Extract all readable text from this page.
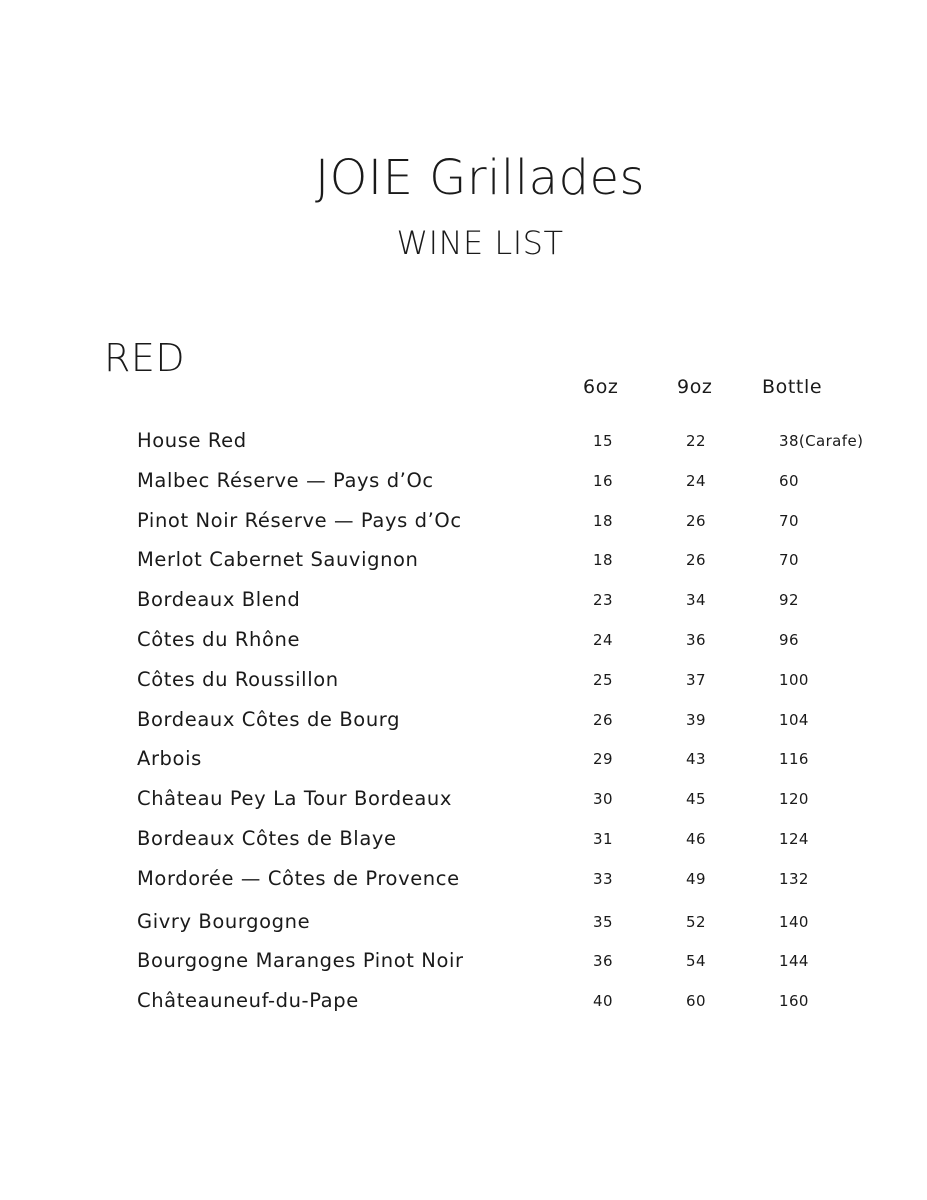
JOIE Grillades
WINE LIST
RED
6oz	9oz	Bottle
House Red	15	22	38(Carafe)
Malbec Réserve — Pays d’Oc	16	24	60
Pinot Noir Réserve — Pays d’Oc	18	26	70
Merlot Cabernet Sauvignon	18	26	70
Bordeaux Blend	23	34	92
Côtes du Rhône	24	36	96
Côtes du Roussillon	25	37	100
Bordeaux Côtes de Bourg	26	39	104
Arbois	29	43	116
Château Pey La Tour Bordeaux	30	45	120
Bordeaux Côtes de Blaye	31	46	124
Mordorée — Côtes de Provence	33	49	132
Givry Bourgogne	35	52	140
Bourgogne Maranges Pinot Noir	36	54	144
Châteauneuf-du-Pape	40	60	160
